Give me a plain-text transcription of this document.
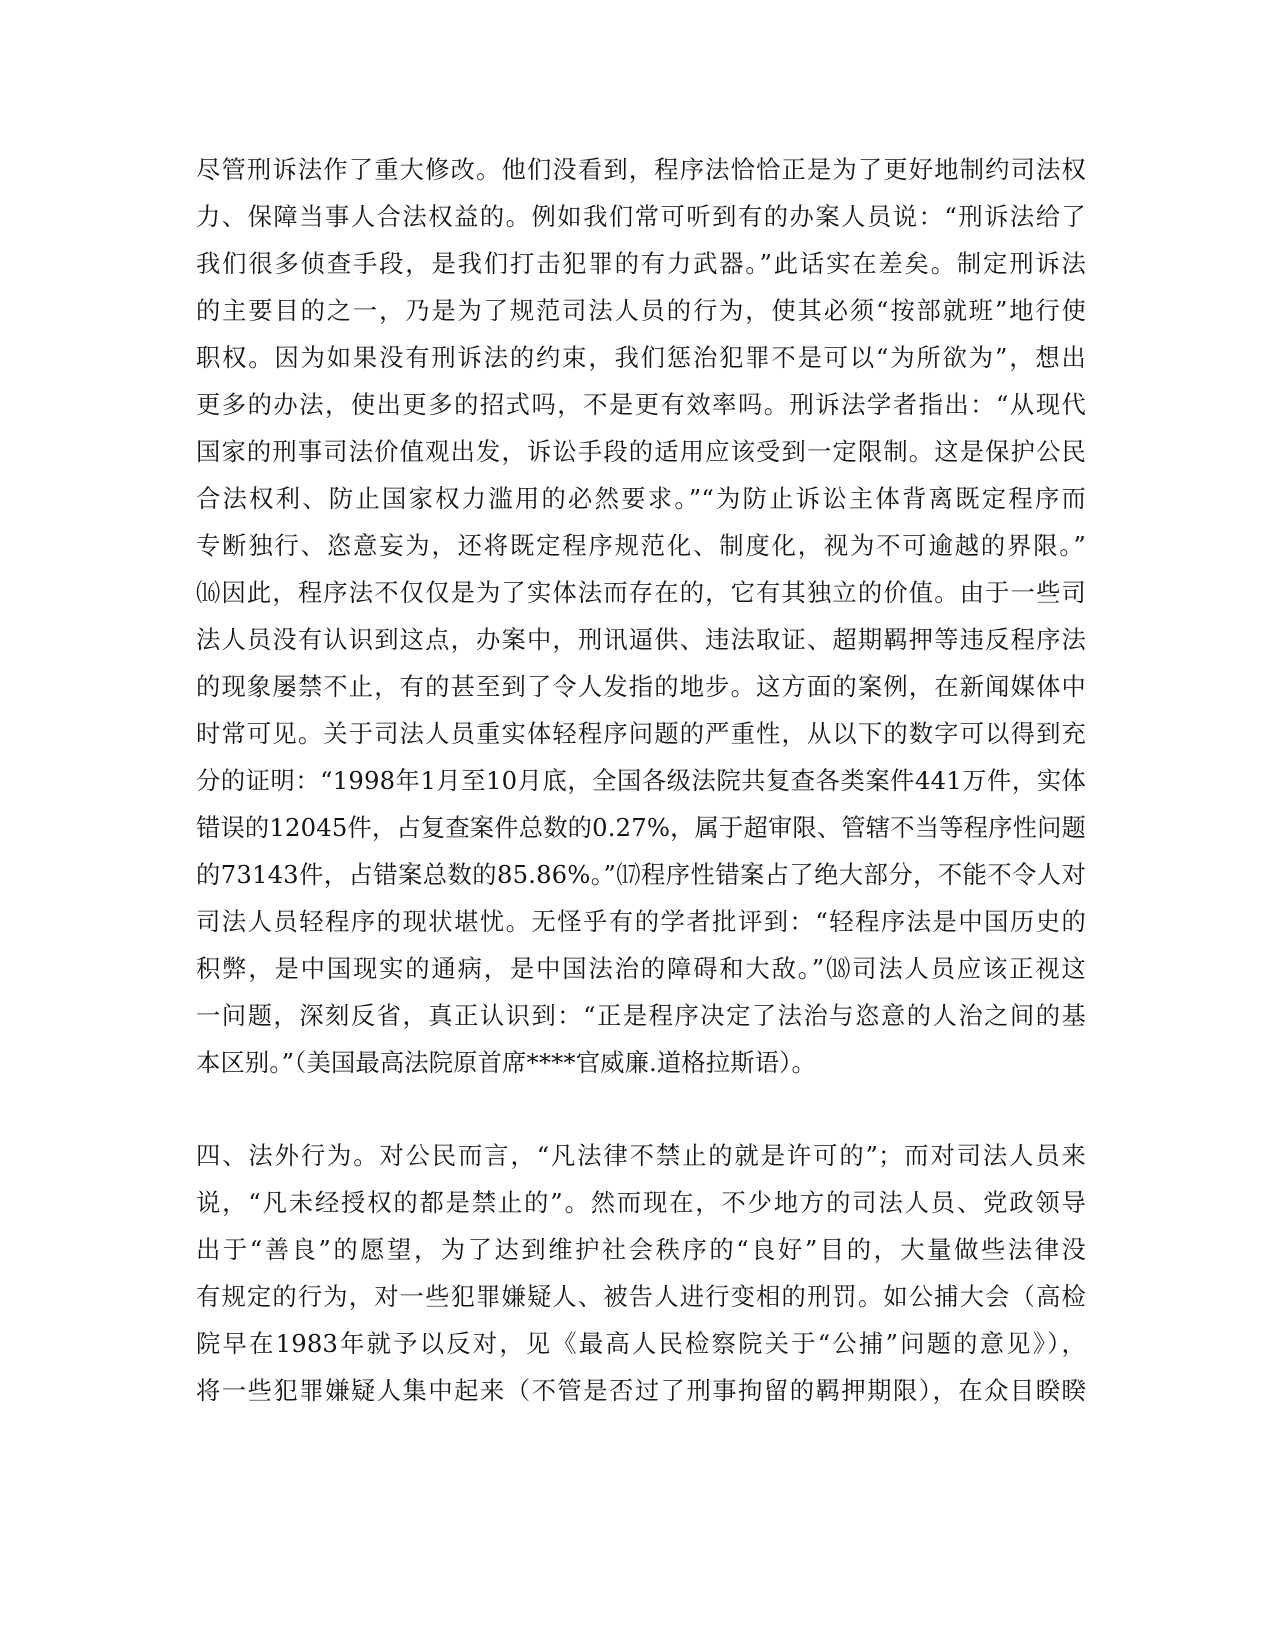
尽管刑诉法作了重大修改。他们没看到，程序法恰恰正是为了更好地制约司法权
力、保障当事人合法权益的。例如我们常可听到有的办案人员说：“刑诉法给了
我们很多侦查手段，是我们打击犯罪的有力武器。”此话实在差矣。制定刑诉法
的主要目的之一，乃是为了规范司法人员的行为，使其必须“按部就班”地行使
职权。因为如果没有刑诉法的约束，我们惩治犯罪不是可以“为所欲为”，想出
更多的办法，使出更多的招式吗，不是更有效率吗。刑诉法学者指出：“从现代
国家的刑事司法价值观出发，诉讼手段的适用应该受到一定限制。这是保护公民
合法权利、防止国家权力滥用的必然要求。”“为防止诉讼主体背离既定程序而
专断独行、恣意妄为，还将既定程序规范化、制度化，视为不可逾越的界限。”
⒃因此，程序法不仅仅是为了实体法而存在的，它有其独立的价值。由于一些司
法人员没有认识到这点，办案中，刑讯逼供、违法取证、超期羁押等违反程序法
的现象屡禁不止，有的甚至到了令人发指的地步。这方面的案例，在新闻媒体中
时常可见。关于司法人员重实体轻程序问题的严重性，从以下的数字可以得到充
分的证明：“1998年1月至10月底，全国各级法院共复查各类案件441万件，实体
错误的12045件，占复查案件总数的0.27%，属于超审限、管辖不当等程序性问题
的73143件，占错案总数的85.86%。”⒄程序性错案占了绝大部分，不能不令人对
司法人员轻程序的现状堪忧。无怪乎有的学者批评到：“轻程序法是中国历史的
积弊，是中国现实的通病，是中国法治的障碍和大敌。”⒅司法人员应该正视这
一问题，深刻反省，真正认识到：“正是程序决定了法治与恣意的人治之间的基
本区别。”（美国最高法院原首席****官威廉.道格拉斯语）。
四、法外行为。对公民而言，“凡法律不禁止的就是许可的”；而对司法人员来
说，“凡未经授权的都是禁止的”。然而现在，不少地方的司法人员、党政领导
出于“善良”的愿望，为了达到维护社会秩序的“良好”目的，大量做些法律没
有规定的行为，对一些犯罪嫌疑人、被告人进行变相的刑罚。如公捕大会（高检
院早在1983年就予以反对，见《最高人民检察院关于“公捕”问题的意见》），
将一些犯罪嫌疑人集中起来（不管是否过了刑事拘留的羁押期限），在众目睽睽
